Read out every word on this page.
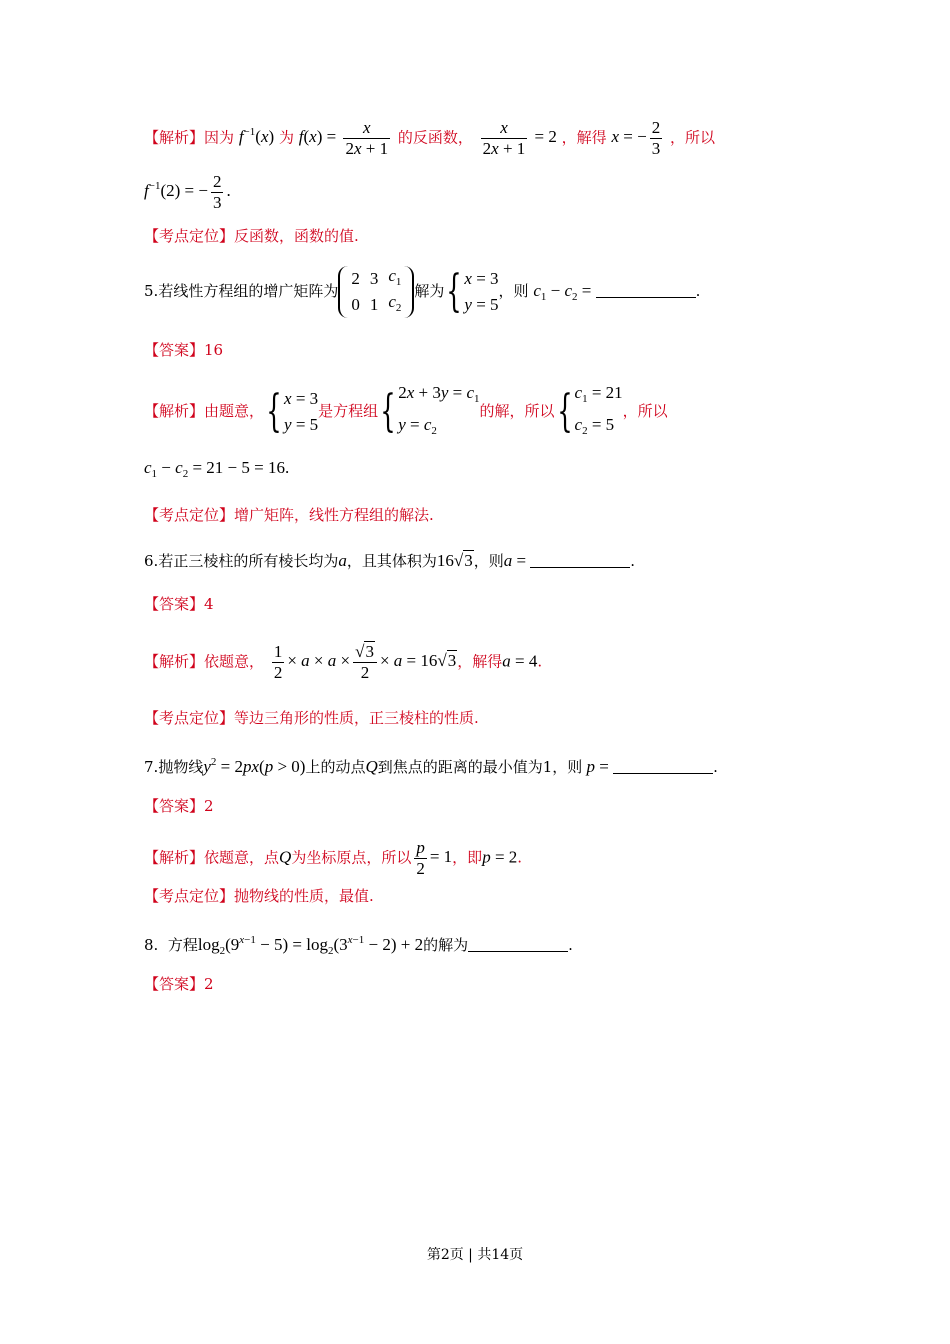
【解析】因为 $f^{-1}(x)$ 为 $f(x) = \frac{x}{2x + 1}$ 的反函数， $\frac{x}{2x + 1} = 2$ ，解得 x = − $\frac{2}{3}$ ，所以
$f^{-1}(2)$ = − $\frac{2}{3}$ .
【考点定位】反函数，函数的值.
5.若线性方程组的增广矩阵为
2	3	$c_1$
0	1	$c_2$
解为{ x = 3
y = 5
，则 $c_1 - c_2$ =	.
【答案】16
【解析】由题意，{ x = 3
y = 5
是方程组{ $2x + 3y = c_1$
$y = c_2$
的解，所以{ $c_1 = 21$
$c_2 = 5$
，所以
$c_1 - c_2 = 21 - 5 = 16$.
【考点定位】增广矩阵，线性方程组的解法.
6.若正三棱柱的所有棱长均为a，且其体积为16√3，则a =	.
【答案】4
【解析】依题意， $\frac{1}{2} \times a \times a \times \frac{√3}{2} \times a = 16√3$，解得a = 4.
【考点定位】等边三角形的性质，正三棱柱的性质.
7.抛物线$y^2 = 2px(p > 0)$上的动点Q到焦点的距离的最小值为1，则 p =	.
【答案】2
【解析】依题意，点Q为坐标原点，所以 $\frac{p}{2} = 1$，即p = 2.
【考点定位】抛物线的性质，最值.
8. 方程$\log_2(9^{x-1} - 5) = \log_2(3^{x-1} - 2) + 2$的解为	.
【答案】2
第2页 | 共14页
